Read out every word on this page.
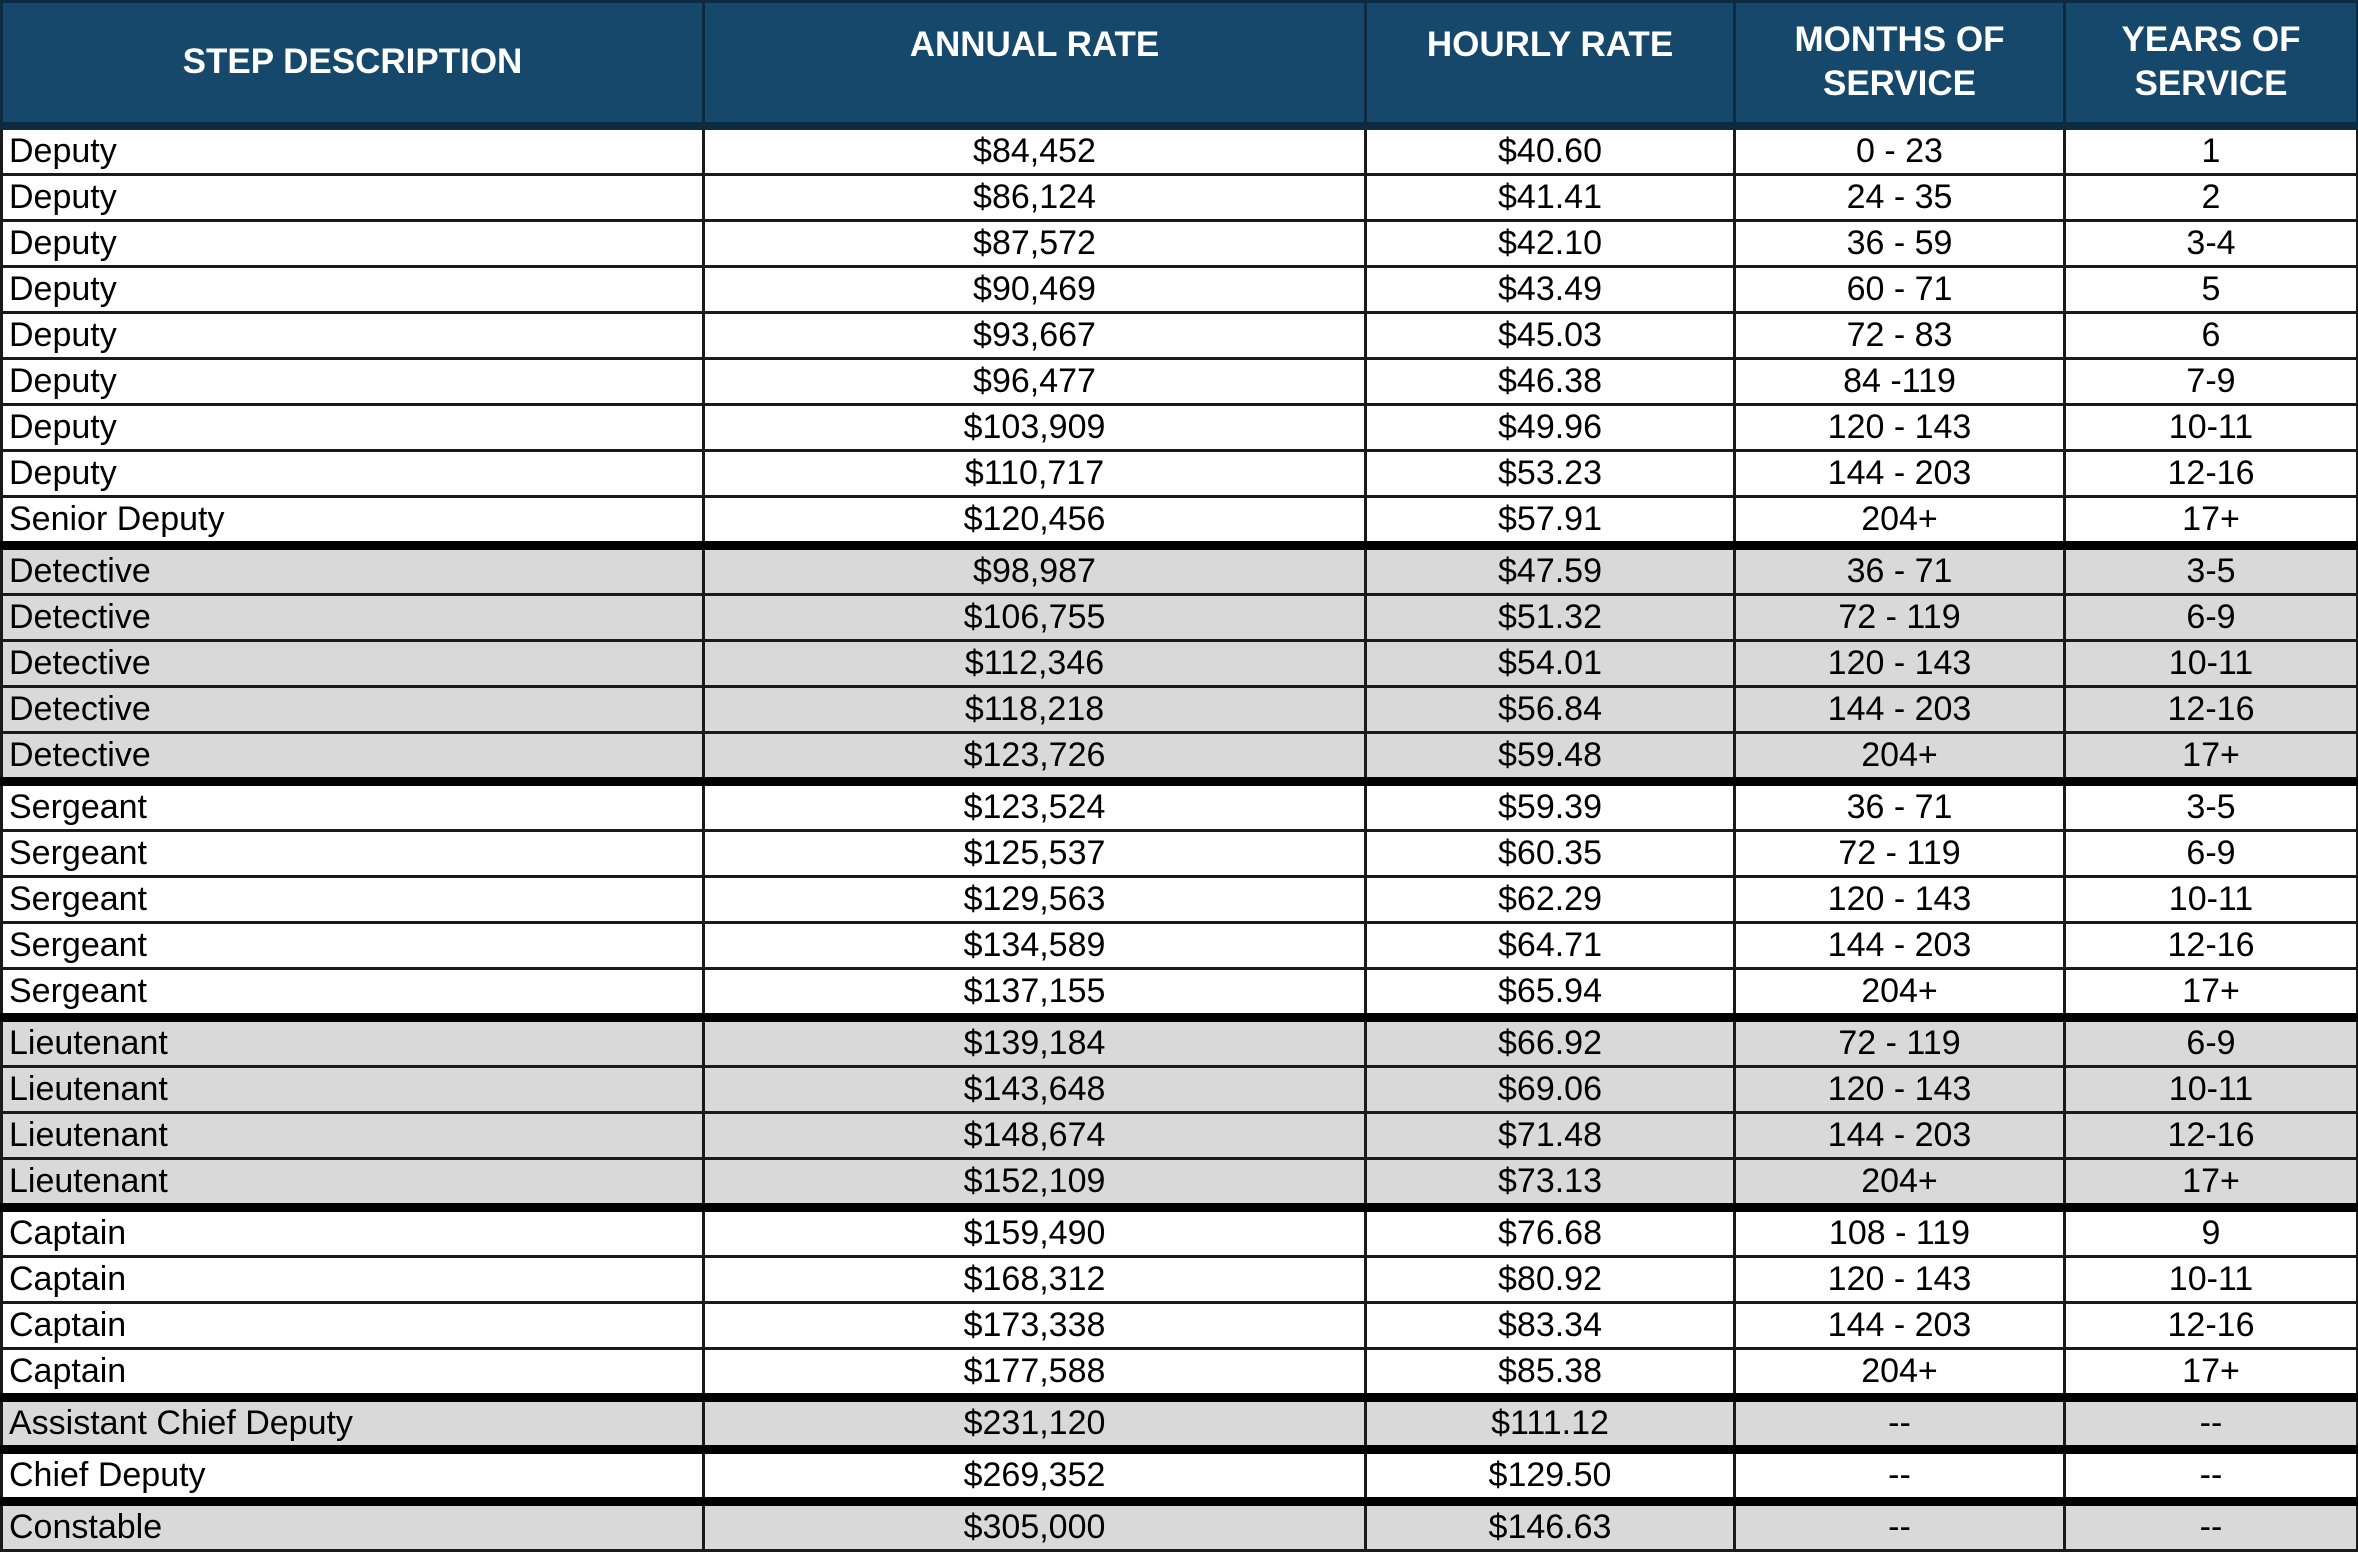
STEP DESCRIPTION	ANNUAL RATE	HOURLY RATE	MONTHS OF SERVICE	YEARS OF SERVICE
Deputy	$84,452	$40.60	0 - 23	1
Deputy	$86,124	$41.41	24 - 35	2
Deputy	$87,572	$42.10	36 - 59	3-4
Deputy	$90,469	$43.49	60 - 71	5
Deputy	$93,667	$45.03	72 - 83	6
Deputy	$96,477	$46.38	84 -119	7-9
Deputy	$103,909	$49.96	120 - 143	10-11
Deputy	$110,717	$53.23	144 - 203	12-16
Senior Deputy	$120,456	$57.91	204+	17+
Detective	$98,987	$47.59	36 - 71	3-5
Detective	$106,755	$51.32	72 - 119	6-9
Detective	$112,346	$54.01	120 - 143	10-11
Detective	$118,218	$56.84	144 - 203	12-16
Detective	$123,726	$59.48	204+	17+
Sergeant	$123,524	$59.39	36 - 71	3-5
Sergeant	$125,537	$60.35	72 - 119	6-9
Sergeant	$129,563	$62.29	120 - 143	10-11
Sergeant	$134,589	$64.71	144 - 203	12-16
Sergeant	$137,155	$65.94	204+	17+
Lieutenant	$139,184	$66.92	72 - 119	6-9
Lieutenant	$143,648	$69.06	120 - 143	10-11
Lieutenant	$148,674	$71.48	144 - 203	12-16
Lieutenant	$152,109	$73.13	204+	17+
Captain	$159,490	$76.68	108 - 119	9
Captain	$168,312	$80.92	120 - 143	10-11
Captain	$173,338	$83.34	144 - 203	12-16
Captain	$177,588	$85.38	204+	17+
Assistant Chief Deputy	$231,120	$111.12	--	--
Chief Deputy	$269,352	$129.50	--	--
Constable	$305,000	$146.63	--	--
